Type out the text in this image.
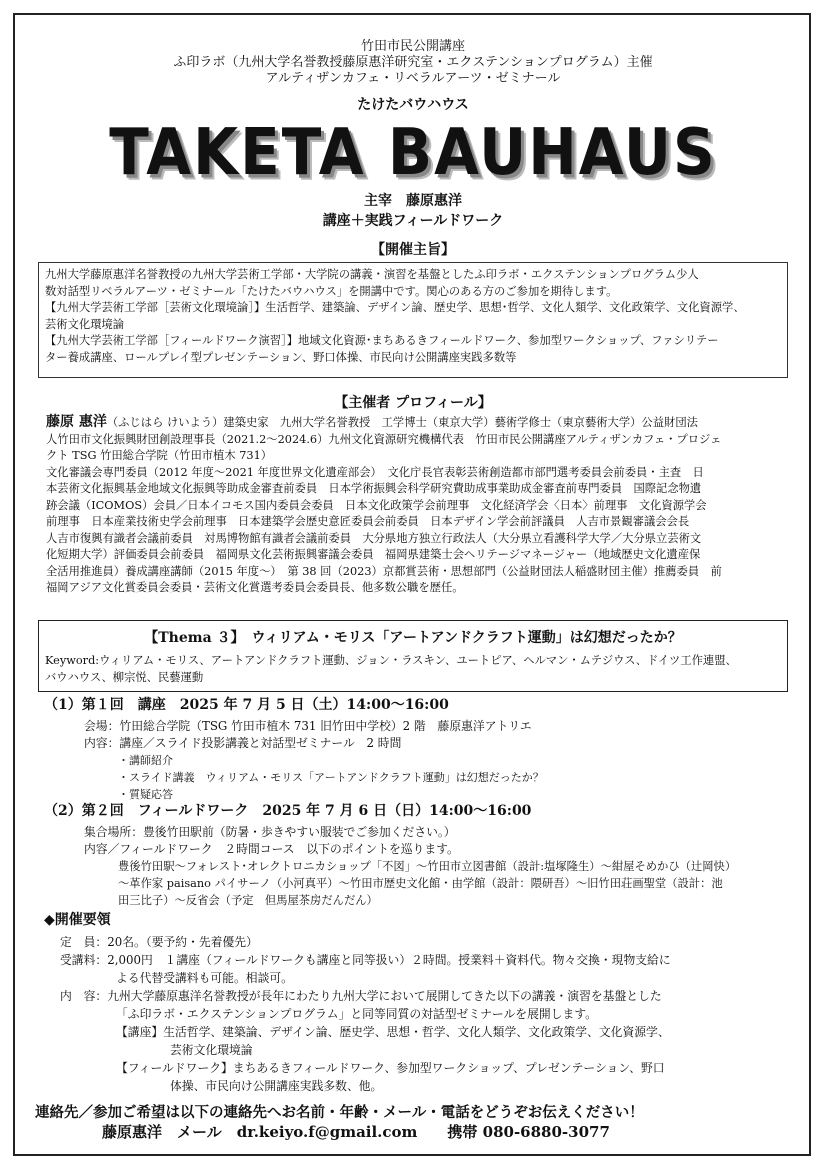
竹田市民公開講座
ふ印ラボ（九州大学名誉教授藤原惠洋研究室・エクステンションプログラム）主催
アルティザンカフェ・リベラルアーツ・ゼミナール
たけたバウハウス
TAKETA BAUHAUS
主宰　藤原惠洋
講座＋実践フィールドワーク
【開催主旨】
九州大学藤原惠洋名誉教授の九州大学芸術工学部・大学院の講義・演習を基盤としたふ印ラボ・エクステンションプログラム少人
数対話型リベラルアーツ・ゼミナール「たけたバウハウス」を開講中です。関心のある方のご参加を期待します。
【九州大学芸術工学部［芸術文化環境論］】生活哲学、建築論、デザイン論、歴史学、思想･哲学、文化人類学、文化政策学、文化資源学、
芸術文化環境論
【九州大学芸術工学部［フィールドワーク演習］】地域文化資源･まちあるきフィールドワーク、参加型ワークショップ、ファシリテー
ター養成講座、ロールプレイ型プレゼンテーション、野口体操、市民向け公開講座実践多数等
【主催者 プロフィール】
藤原 惠洋（ふじはら けいよう）建築史家　九州大学名誉教授　工学博士（東京大学）藝術学修士（東京藝術大学）公益財団法
人竹田市文化振興財団創設理事長（2021.2〜2024.6）九州文化資源研究機構代表　竹田市民公開講座アルティザンカフェ・プロジェ
クト TSG 竹田総合学院（竹田市植木 731）
文化審議会専門委員（2012 年度〜2021 年度世界文化遺産部会）　文化庁長官表彰芸術創造都市部門選考委員会前委員・主査　日
本芸術文化振興基金地域文化振興等助成金審査前委員　日本学術振興会科学研究費助成事業助成金審査前専門委員　国際記念物遺
跡会議（ICOMOS）会員／日本イコモス国内委員会委員　日本文化政策学会前理事　文化経済学会〈日本〉前理事　文化資源学会
前理事　日本産業技術史学会前理事　日本建築学会歴史意匠委員会前委員　日本デザイン学会前評議員　人吉市景観審議会会長
人吉市復興有識者会議前委員　対馬博物館有識者会議前委員　大分県地方独立行政法人（大分県立看護科学大学／大分県立芸術文
化短期大学）評価委員会前委員　福岡県文化芸術振興審議会委員　福岡県建築士会ヘリテージマネージャー（地域歴史文化遺産保
全活用推進員）養成講座講師（2015 年度〜）　第 38 回（2023）京都賞芸術・思想部門（公益財団法人稲盛財団主催）推薦委員　前
福岡アジア文化賞委員会委員・芸術文化賞選考委員会委員長、他多数公職を歴任。
【Thema ３】　ウィリアム・モリス「アートアンドクラフト運動」は幻想だったか？
Keyword:ウィリアム・モリス、アートアンドクラフト運動、ジョン・ラスキン、ユートピア、ヘルマン・ムテジウス、ドイツ工作連盟、
バウハウス、柳宗悦、民藝運動
（1）第１回　講座　2025 年 7 月 5 日（土）14:00〜16:00
会場：竹田総合学院（TSG 竹田市植木 731 旧竹田中学校）2 階　藤原惠洋アトリエ
内容：講座／スライド投影講義と対話型ゼミナール　2 時間
・講師紹介
・スライド講義　ウィリアム・モリス「アートアンドクラフト運動」は幻想だったか？
・質疑応答
（2）第２回　フィールドワーク　2025 年 7 月 6 日（日）14:00〜16:00
集合場所：豊後竹田駅前（防暑・歩きやすい服装でご参加ください。）
内容／フィールドワーク　２時間コース　以下のポイントを巡ります。
豊後竹田駅〜フォレスト･オレクトロニカショップ「不図」〜竹田市立図書館（設計:塩塚隆生）〜紺屋そめかひ（辻岡快）
〜革作家 paisano パイサーノ（小河真平）〜竹田市歴史文化館・由学館（設計：隈研吾）〜旧竹田荘画聖堂（設計：池
田三比子）〜反省会（予定　但馬屋茶房だんだん）
◆開催要領
定　員：20名。（要予約・先着優先）
受講料：2,000円　１講座（フィールドワークも講座と同等扱い）２時間。授業料＋資料代。物々交換・現物支給に
よる代替受講料も可能。相談可。
内　容：九州大学藤原惠洋名誉教授が長年にわたり九州大学において展開してきた以下の講義・演習を基盤とした
「ふ印ラボ・エクステンションプログラム」と同等同質の対話型ゼミナールを展開します。
【講座】生活哲学、建築論、デザイン論、歴史学、思想・哲学、文化人類学、文化政策学、文化資源学、
芸術文化環境論
【フィールドワーク】まちあるきフィールドワーク、参加型ワークショップ、プレゼンテーション、野口
体操、市民向け公開講座実践多数、他。
連絡先／参加ご希望は以下の連絡先へお名前・年齢・メール・電話をどうぞお伝えください！
藤原惠洋　メール　dr.keiyo.f@gmail.com　　携帯 080-6880-3077
